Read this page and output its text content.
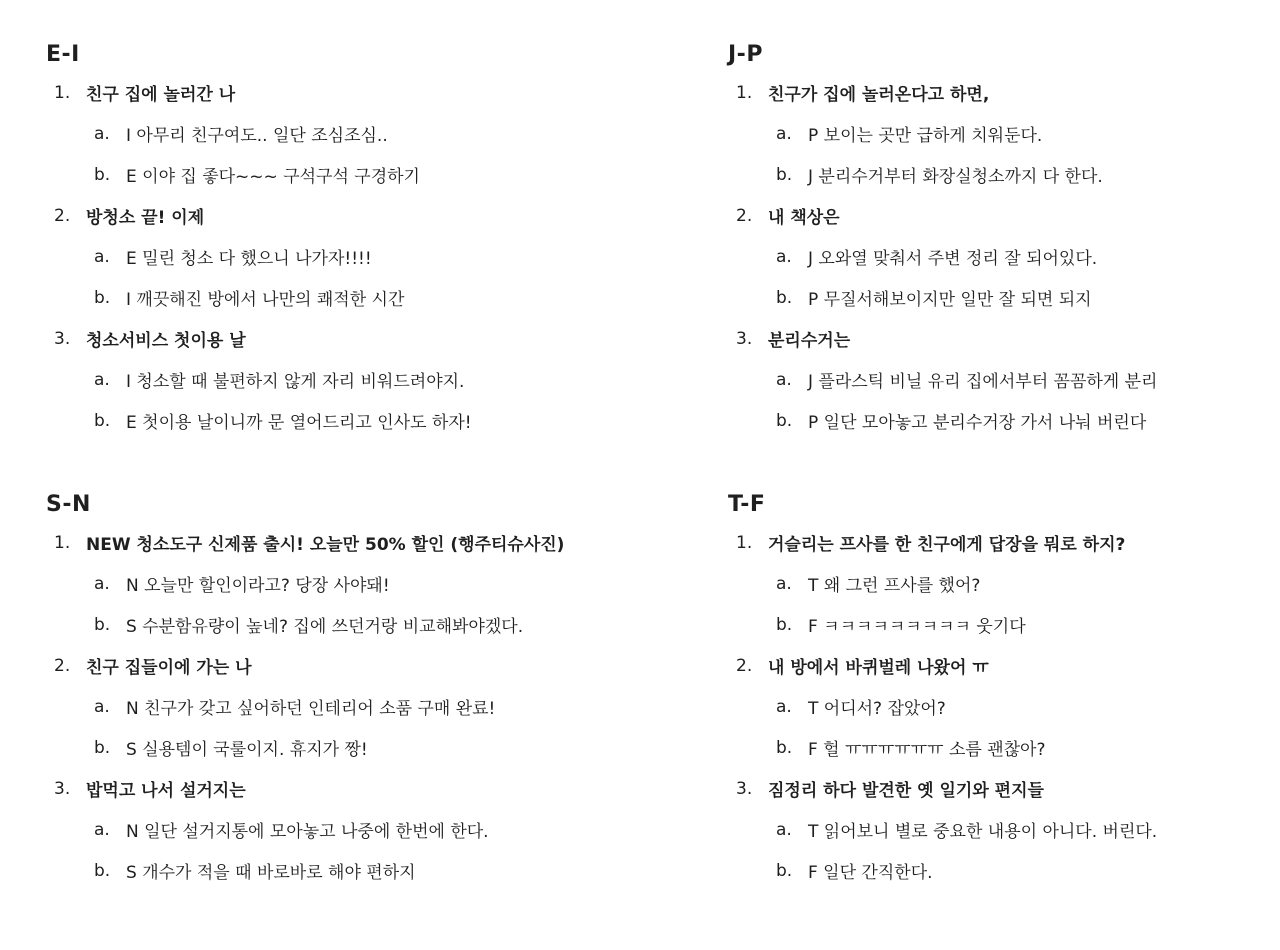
E-I
1. 친구 집에 놀러간 나
a. I 아무리 친구여도.. 일단 조심조심..
b. E 이야 집 좋다~~~ 구석구석 구경하기
2. 방청소 끝! 이제
a. E 밀린 청소 다 했으니 나가자!!!!
b. I 깨끗해진 방에서 나만의 쾌적한 시간
3. 청소서비스 첫이용 날
a. I 청소할 때 불편하지 않게 자리 비워드려야지.
b. E 첫이용 날이니까 문 열어드리고 인사도 하자!
J-P
1. 친구가 집에 놀러온다고 하면,
a. P 보이는 곳만 급하게 치워둔다.
b. J 분리수거부터 화장실청소까지 다 한다.
2. 내 책상은
a. J 오와열 맞춰서 주변 정리 잘 되어있다.
b. P 무질서해보이지만 일만 잘 되면 되지
3. 분리수거는
a. J 플라스틱 비닐 유리 집에서부터 꼼꼼하게 분리
b. P 일단 모아놓고 분리수거장 가서 나눠 버린다
S-N
1. NEW 청소도구 신제품 출시! 오늘만 50% 할인 (행주티슈사진)
a. N 오늘만 할인이라고? 당장 사야돼!
b. S 수분함유량이 높네? 집에 쓰던거랑 비교해봐야겠다.
2. 친구 집들이에 가는 나
a. N 친구가 갖고 싶어하던 인테리어 소품 구매 완료!
b. S 실용템이 국룰이지. 휴지가 짱!
3. 밥먹고 나서 설거지는
a. N 일단 설거지통에 모아놓고 나중에 한번에 한다.
b. S 개수가 적을 때 바로바로 해야 편하지
T-F
1. 거슬리는 프사를 한 친구에게 답장을 뭐로 하지?
a. T 왜 그런 프사를 했어?
b. F ㅋㅋㅋㅋㅋㅋㅋㅋㅋ 웃기다
2. 내 방에서 바퀴벌레 나왔어 ㅠ
a. T 어디서? 잡았어?
b. F 헐 ㅠㅠㅠㅠㅠㅠ 소름 괜찮아?
3. 짐정리 하다 발견한 옛 일기와 편지들
a. T 읽어보니 별로 중요한 내용이 아니다. 버린다.
b. F 일단 간직한다.
